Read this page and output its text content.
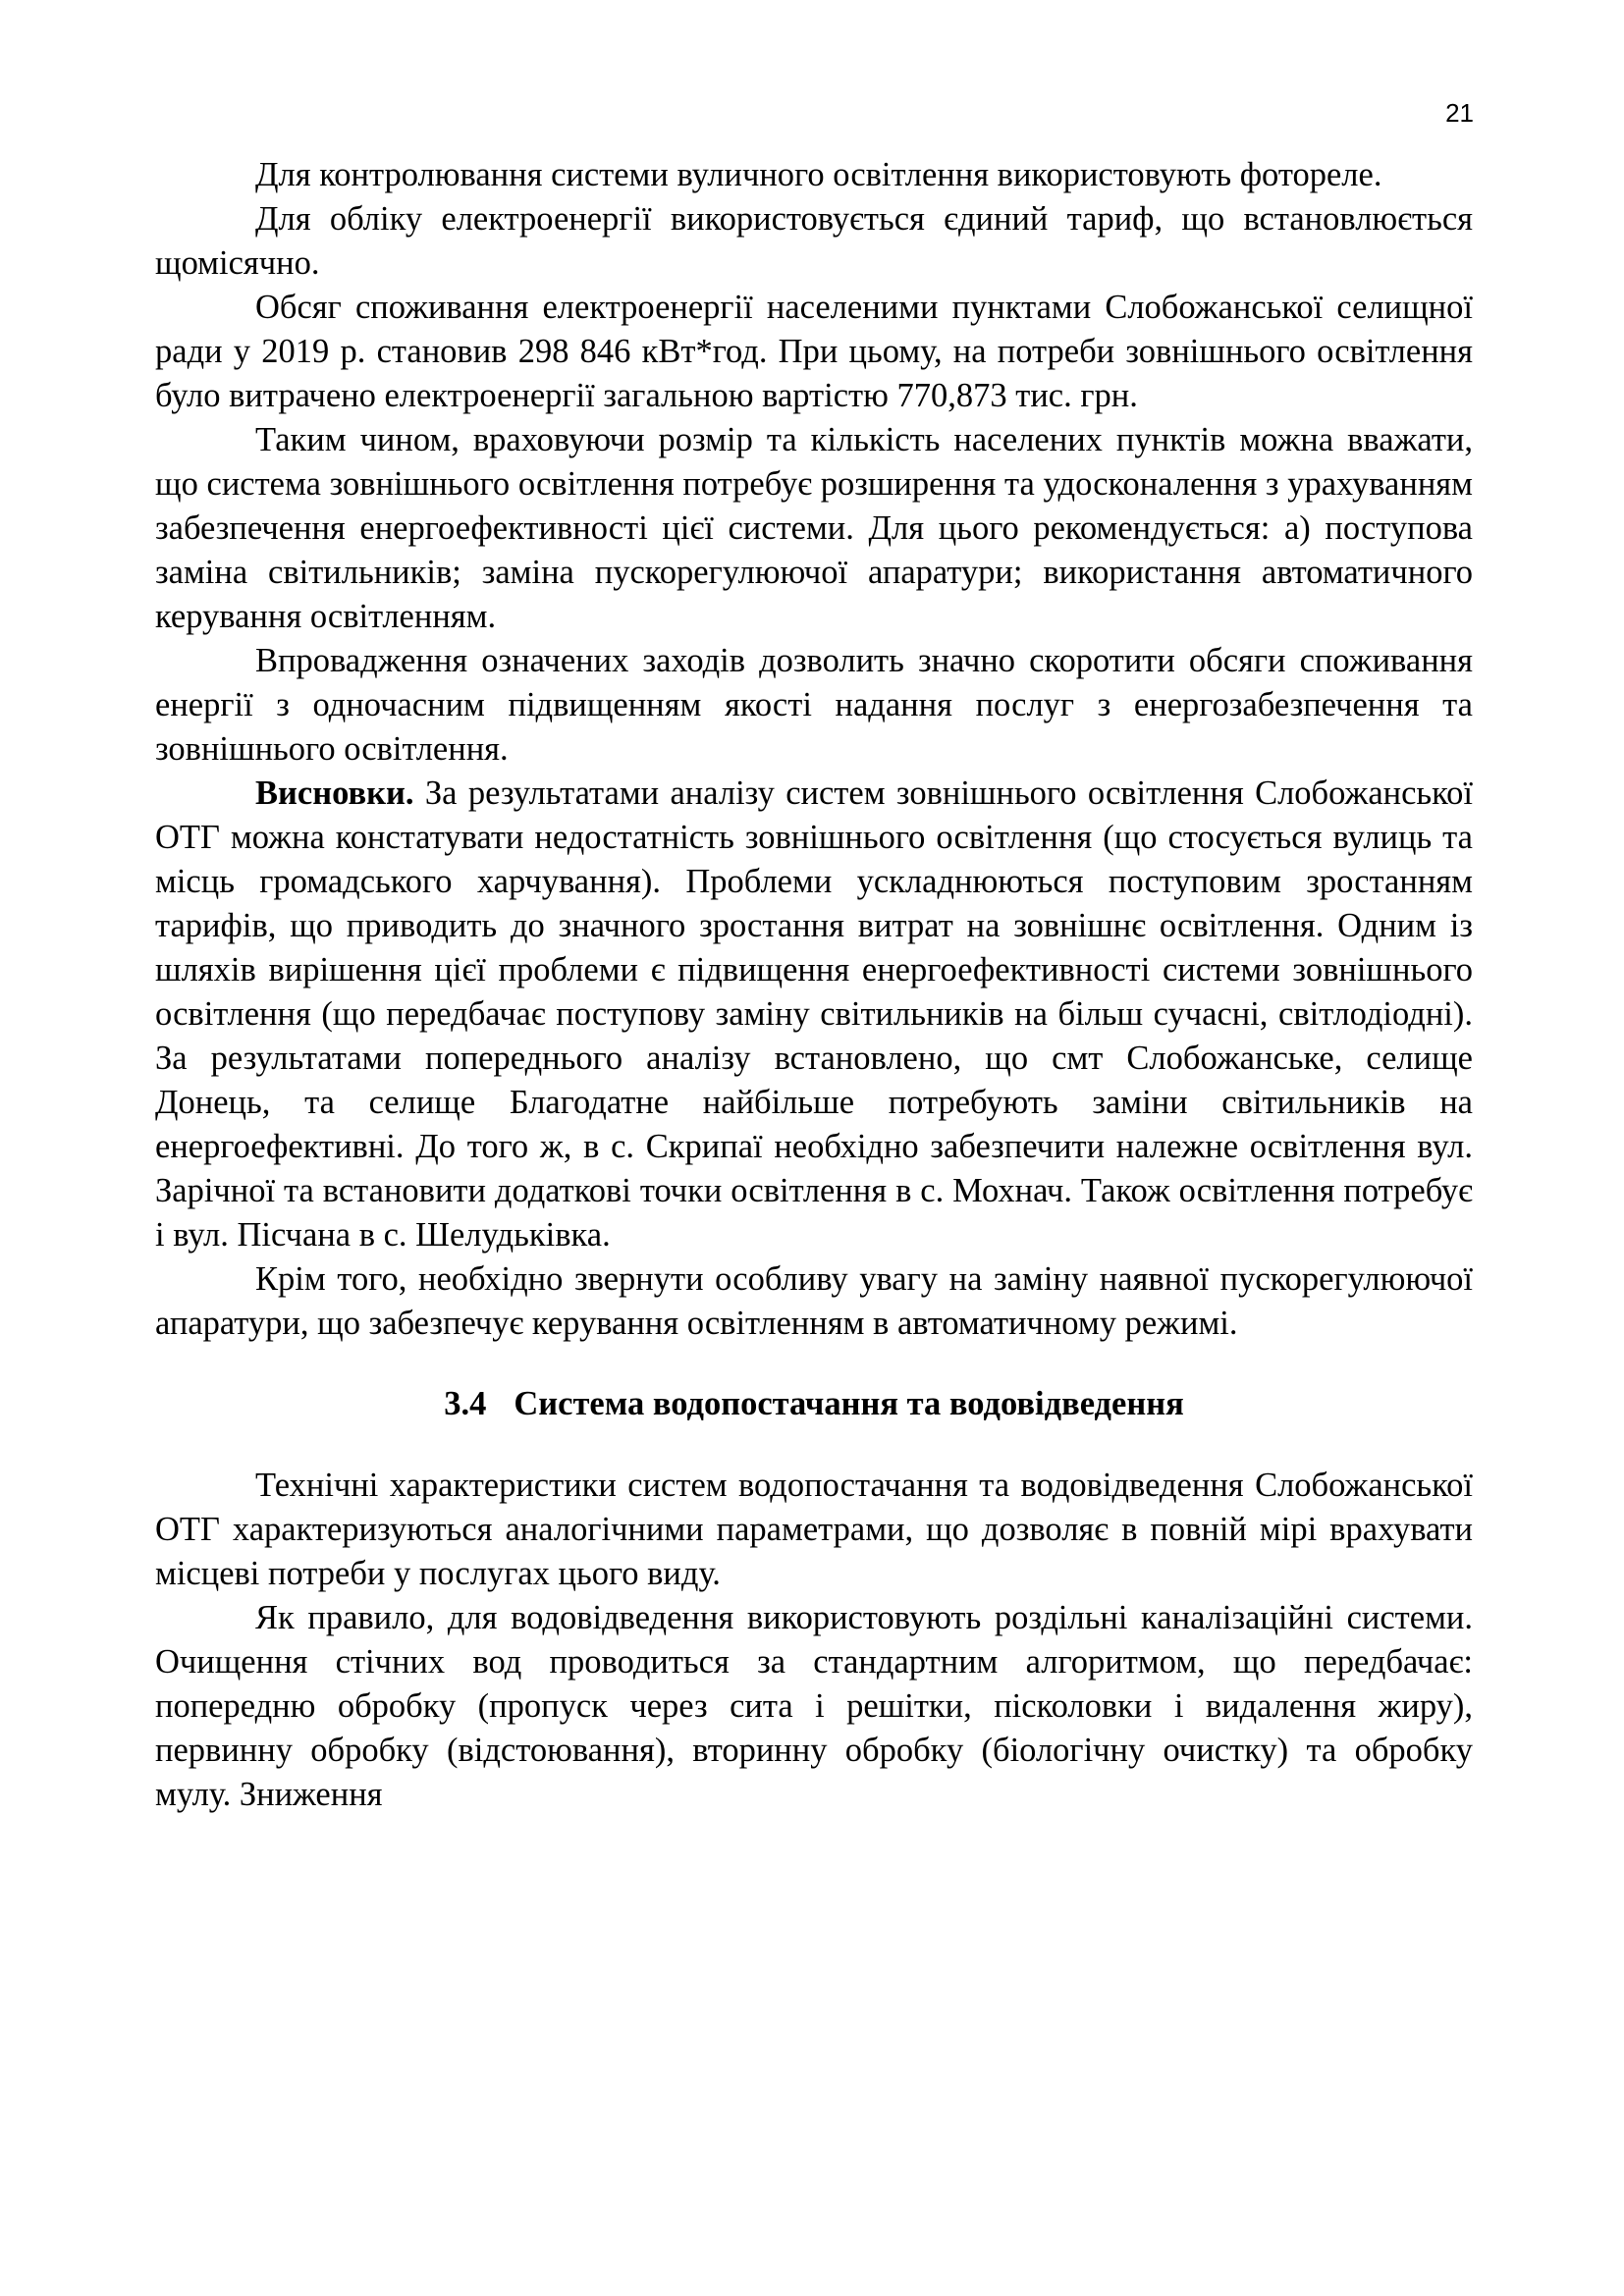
21

Для контролювання системи вуличного освітлення використовують фотореле.

Для обліку електроенергії використовується єдиний тариф, що встановлюється щомісячно.

Обсяг споживання електроенергії населеними пунктами Слобожанської селищної ради у 2019 р. становив 298 846 кВт*год. При цьому, на потреби зовнішнього освітлення було витрачено електроенергії загальною вартістю 770,873 тис. грн.

Таким чином, враховуючи розмір та кількість населених пунктів можна вважати, що система зовнішнього освітлення потребує розширення та удосконалення з урахуванням забезпечення енергоефективності цієї системи. Для цього рекомендується: а) поступова заміна світильників; заміна пускорегулюючої апаратури; використання автоматичного керування освітленням.

Впровадження означених заходів дозволить значно скоротити обсяги споживання енергії з одночасним підвищенням якості надання послуг з енергозабезпечення та зовнішнього освітлення.

Висновки. За результатами аналізу систем зовнішнього освітлення Слобожанської ОТГ можна констатувати недостатність зовнішнього освітлення (що стосується вулиць та місць громадського харчування). Проблеми ускладнюються поступовим зростанням тарифів, що приводить до значного зростання витрат на зовнішнє освітлення. Одним із шляхів вирішення цієї проблеми є підвищення енергоефективності системи зовнішнього освітлення (що передбачає поступову заміну світильників на більш сучасні, світлодіодні). За результатами попереднього аналізу встановлено, що смт Слобожанське, селище Донець, та селище Благодатне найбільше потребують заміни світильників на енергоефективні. До того ж, в с. Скрипаї необхідно забезпечити належне освітлення вул. Зарічної та встановити додаткові точки освітлення в с. Мохнач. Також освітлення потребує і вул. Пісчана в с. Шелудьківка.

Крім того, необхідно звернути особливу увагу на заміну наявної пускорегулюючої апаратури, що забезпечує керування освітленням в автоматичному режимі.

3.4 Система водопостачання та водовідведення

Технічні характеристики систем водопостачання та водовідведення Слобожанської ОТГ характеризуються аналогічними параметрами, що дозволяє в повній мірі врахувати місцеві потреби у послугах цього виду.

Як правило, для водовідведення використовують роздільні каналізаційні системи. Очищення стічних вод проводиться за стандартним алгоритмом, що передбачає: попередню обробку (пропуск через сита і решітки, пісколовки і видалення жиру), первинну обробку (відстоювання), вторинну обробку (біологічну очистку) та обробку мулу. Зниження
